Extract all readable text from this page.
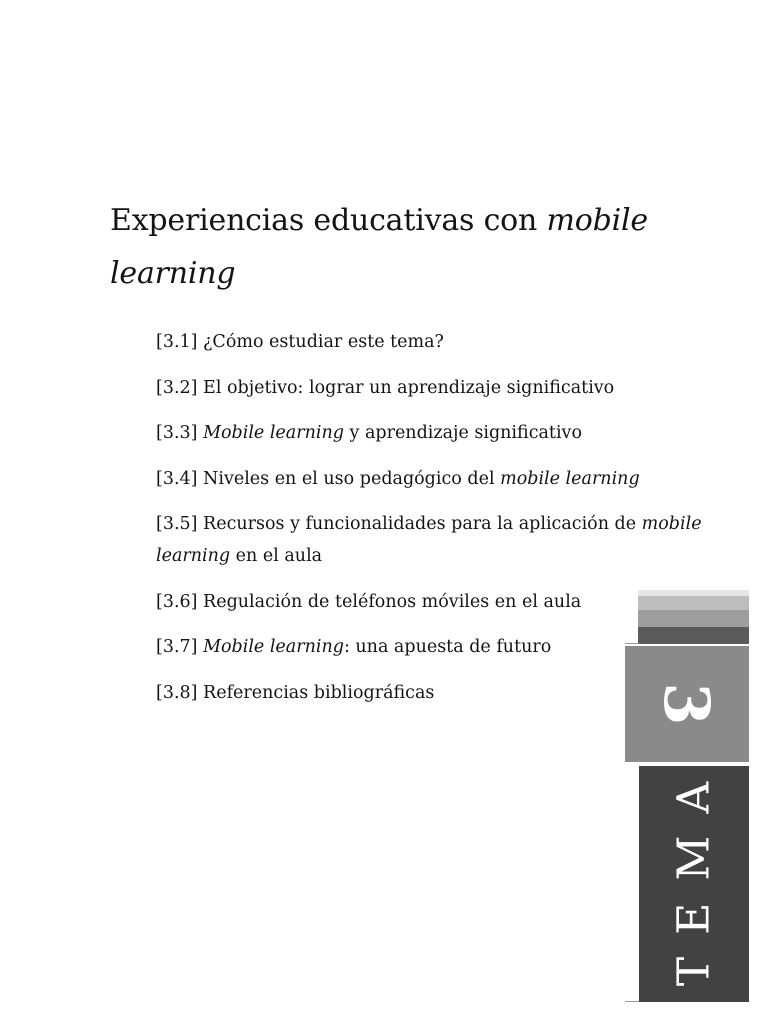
Experiencias educativas con mobile learning
[3.1] ¿Cómo estudiar este tema?
[3.2] El objetivo: lograr un aprendizaje significativo
[3.3] Mobile learning y aprendizaje significativo
[3.4] Niveles en el uso pedagógico del mobile learning
[3.5] Recursos y funcionalidades para la aplicación de mobile learning en el aula
[3.6] Regulación de teléfonos móviles en el aula
[3.7] Mobile learning: una apuesta de futuro
[3.8] Referencias bibliográficas	3
TEMA
